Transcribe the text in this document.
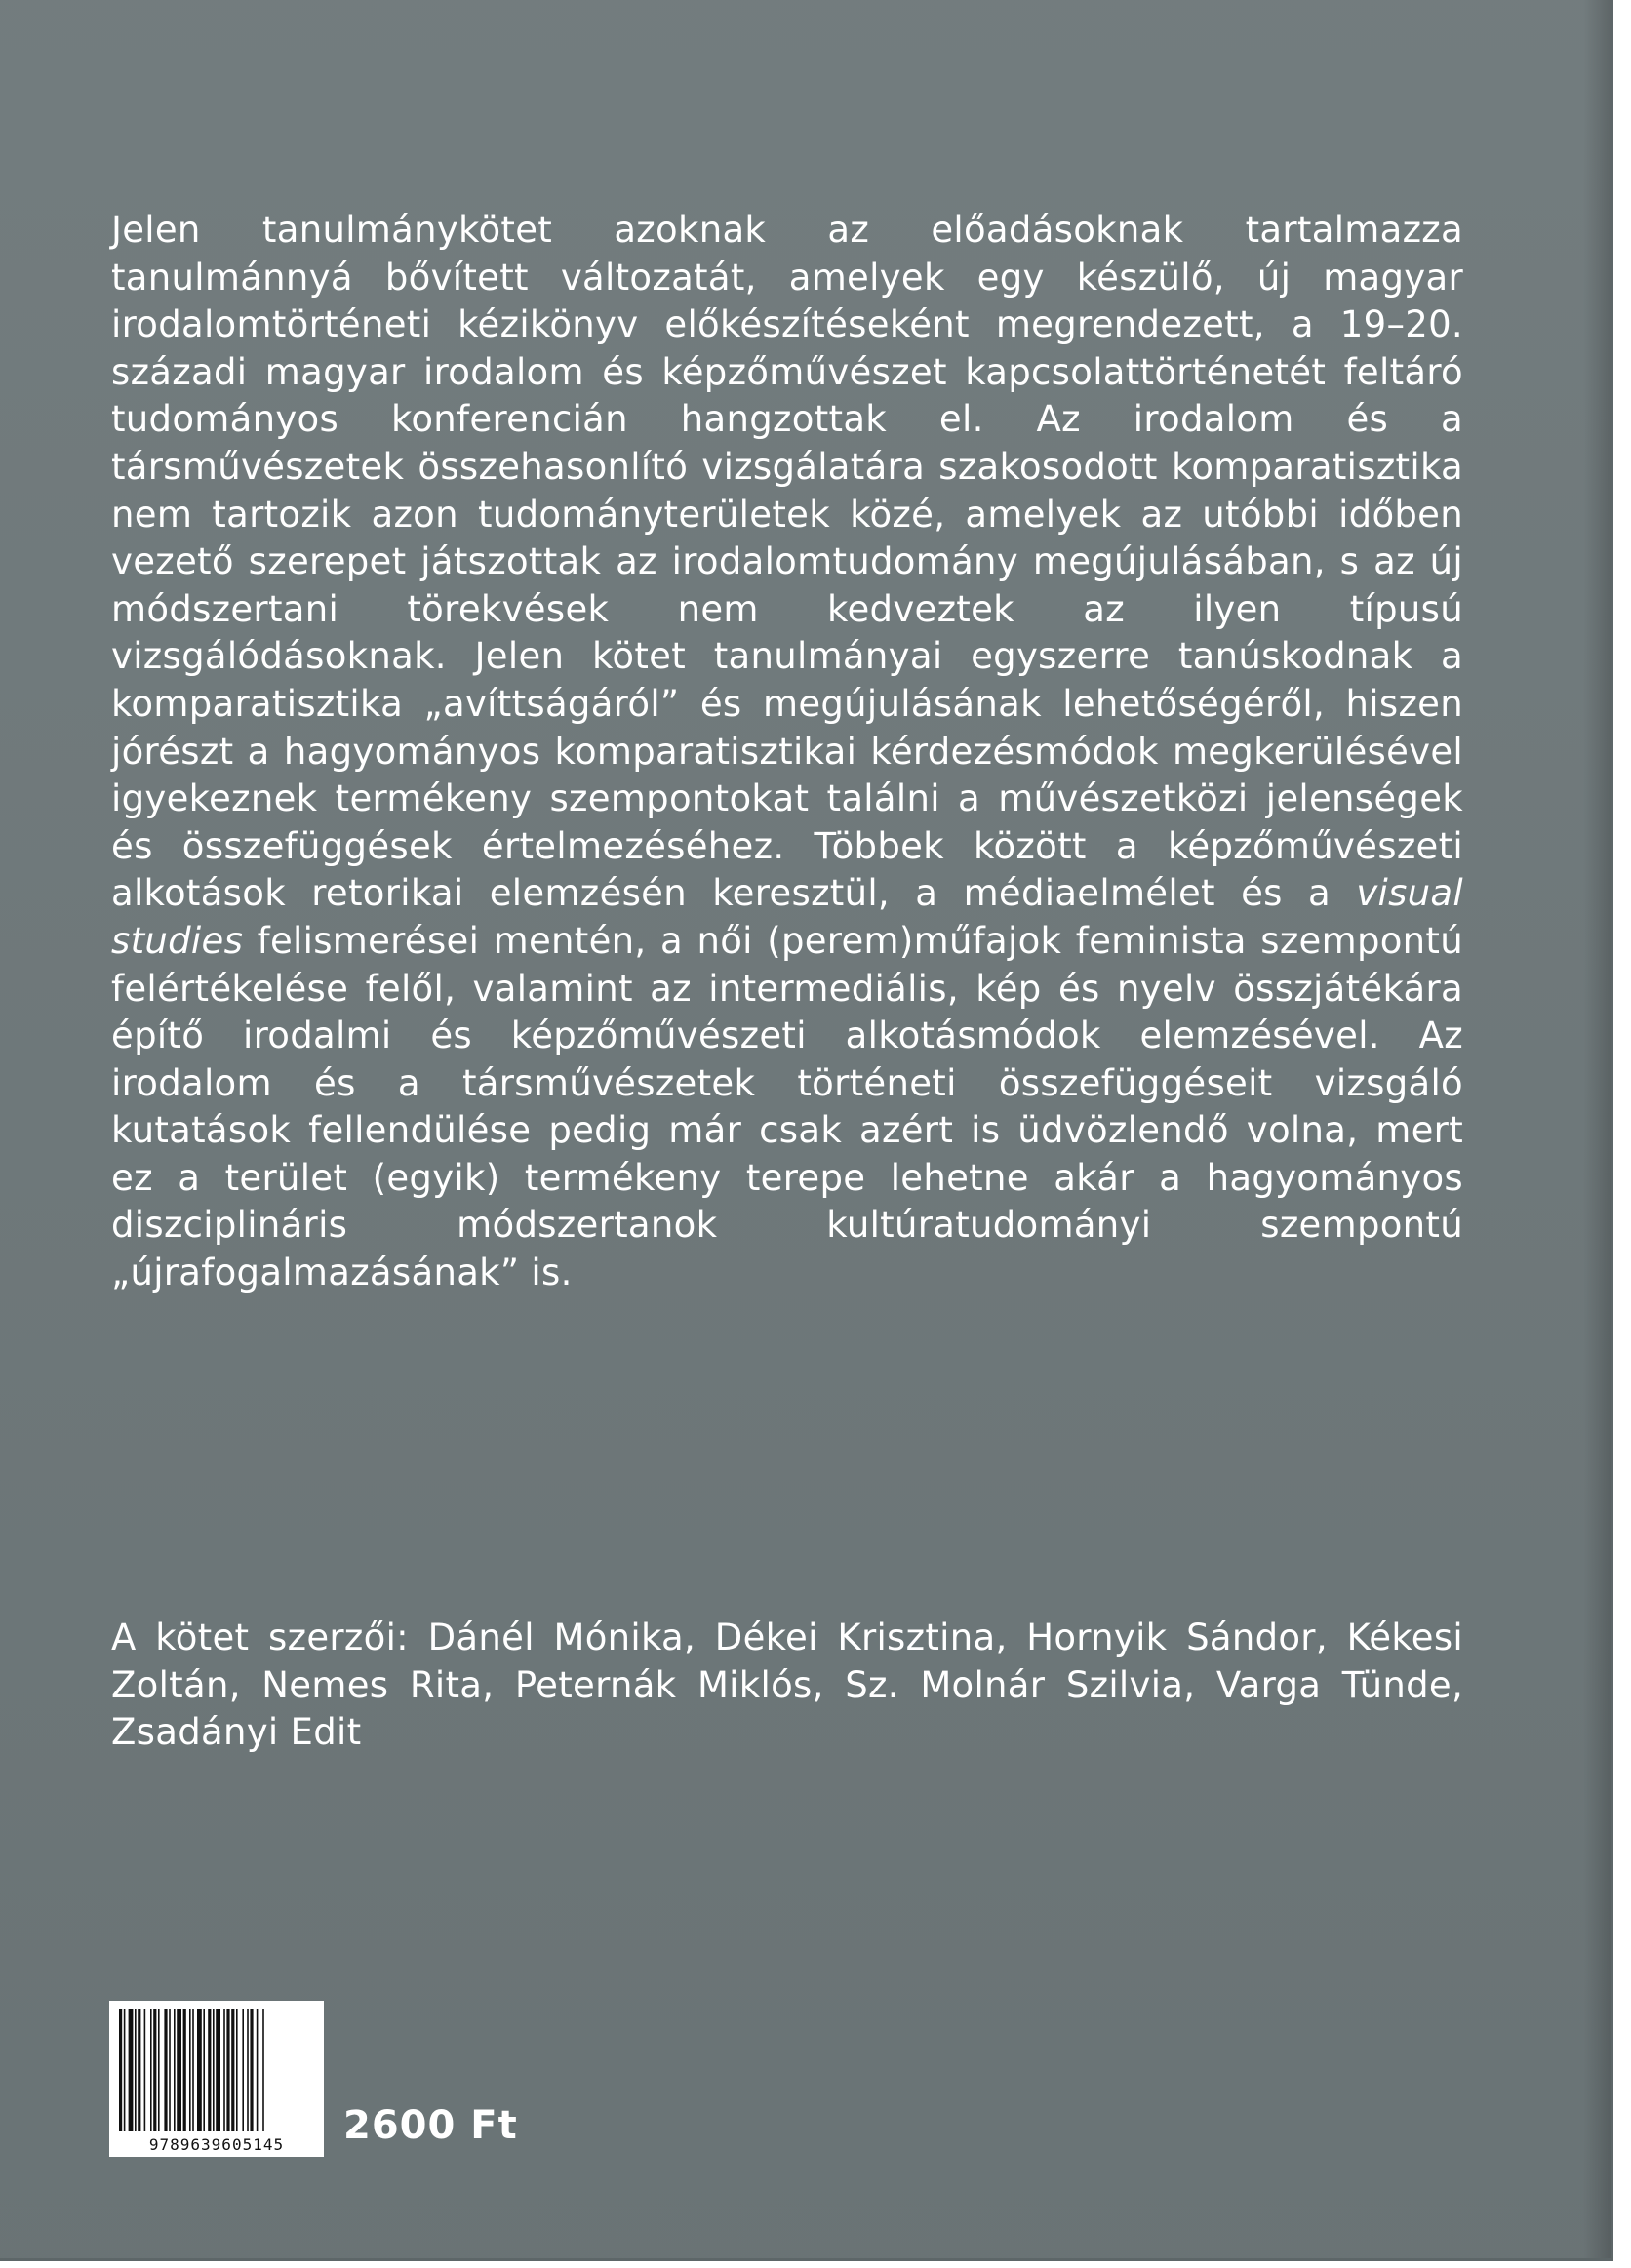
Jelen tanulmánykötet azoknak az előadásoknak tartalmazza tanulmánnyá bővített változatát, amelyek egy készülő, új magyar irodalomtörténeti kézikönyv előkészítéseként megrendezett, a 19–20. századi magyar irodalom és képzőművészet kapcsolattörténetét feltáró tudományos konferencián hangzottak el. Az irodalom és a társművészetek összehasonlító vizsgálatára szakosodott komparatisztika nem tartozik azon tudományterületek közé, amelyek az utóbbi időben vezető szerepet játszottak az irodalomtudomány megújulásában, s az új módszertani törekvések nem kedveztek az ilyen típusú vizsgálódásoknak. Jelen kötet tanulmányai egyszerre tanúskodnak a komparatisztika „avíttságáról” és megújulásának lehetőségéről, hiszen jórészt a hagyományos komparatisztikai kérdezésmódok megkerülésével igyekeznek termékeny szempontokat találni a művészetközi jelenségek és összefüggések értelmezéséhez. Többek között a képzőművészeti alkotások retorikai elemzésén keresztül, a médiaelmélet és a visual studies felismerései mentén, a női (perem)műfajok feminista szempontú felértékelése felől, valamint az intermediális, kép és nyelv összjátékára építő irodalmi és képzőművészeti alkotásmódok elemzésével. Az irodalom és a társművészetek történeti összefüggéseit vizsgáló kutatások fellendülése pedig már csak azért is üdvözlendő volna, mert ez a terület (egyik) termékeny terepe lehetne akár a hagyományos diszciplináris módszertanok kultúratudományi szempontú „újrafogalmazásának” is.

A kötet szerzői: Dánél Mónika, Dékei Krisztina, Hornyik Sándor, Kékesi Zoltán, Nemes Rita, Peternák Miklós, Sz. Molnár Szilvia, Varga Tünde, Zsadányi Edit

9789639605145	2600 Ft
